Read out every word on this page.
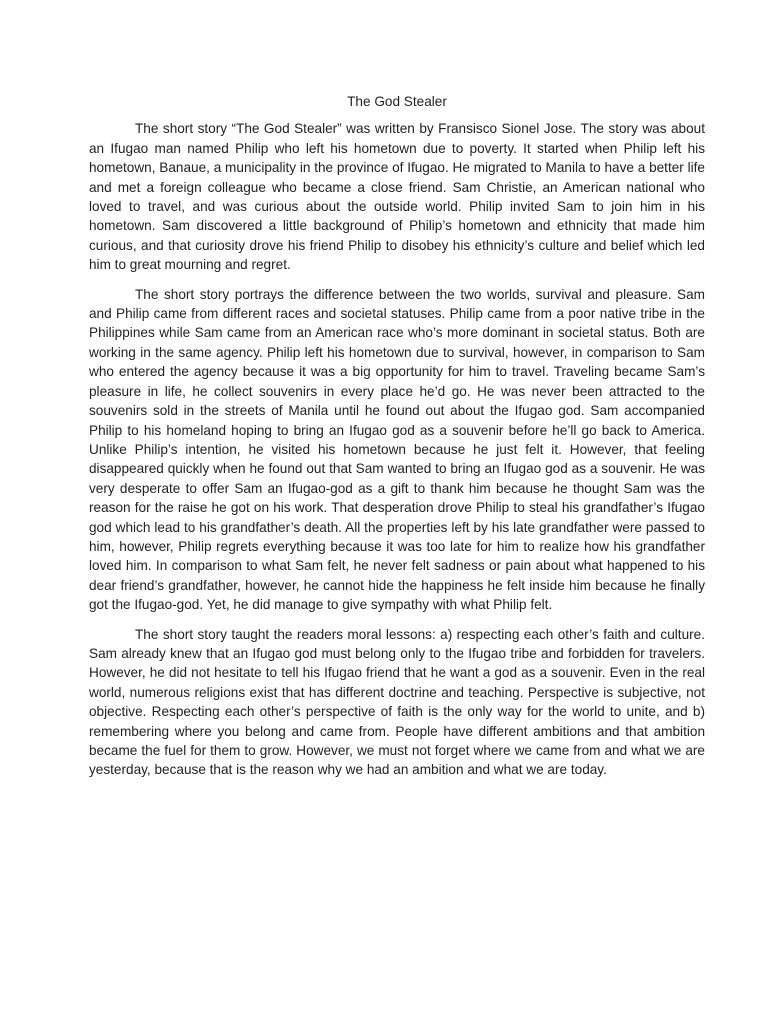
The God Stealer

The short story “The God Stealer” was written by Fransisco Sionel Jose. The story was about an Ifugao man named Philip who left his hometown due to poverty. It started when Philip left his hometown, Banaue, a municipality in the province of Ifugao. He migrated to Manila to have a better life and met a foreign colleague who became a close friend. Sam Christie, an American national who loved to travel, and was curious about the outside world. Philip invited Sam to join him in his hometown. Sam discovered a little background of Philip’s hometown and ethnicity that made him curious, and that curiosity drove his friend Philip to disobey his ethnicity’s culture and belief which led him to great mourning and regret.

The short story portrays the difference between the two worlds, survival and pleasure. Sam and Philip came from different races and societal statuses. Philip came from a poor native tribe in the Philippines while Sam came from an American race who’s more dominant in societal status. Both are working in the same agency. Philip left his hometown due to survival, however, in comparison to Sam who entered the agency because it was a big opportunity for him to travel. Traveling became Sam’s pleasure in life, he collect souvenirs in every place he’d go. He was never been attracted to the souvenirs sold in the streets of Manila until he found out about the Ifugao god. Sam accompanied Philip to his homeland hoping to bring an Ifugao god as a souvenir before he’ll go back to America. Unlike Philip’s intention, he visited his hometown because he just felt it. However, that feeling disappeared quickly when he found out that Sam wanted to bring an Ifugao god as a souvenir. He was very desperate to offer Sam an Ifugao-god as a gift to thank him because he thought Sam was the reason for the raise he got on his work. That desperation drove Philip to steal his grandfather’s Ifugao god which lead to his grandfather’s death. All the properties left by his late grandfather were passed to him, however, Philip regrets everything because it was too late for him to realize how his grandfather loved him. In comparison to what Sam felt, he never felt sadness or pain about what happened to his dear friend’s grandfather, however, he cannot hide the happiness he felt inside him because he finally got the Ifugao-god. Yet, he did manage to give sympathy with what Philip felt.

The short story taught the readers moral lessons: a) respecting each other’s faith and culture. Sam already knew that an Ifugao god must belong only to the Ifugao tribe and forbidden for travelers. However, he did not hesitate to tell his Ifugao friend that he want a god as a souvenir. Even in the real world, numerous religions exist that has different doctrine and teaching. Perspective is subjective, not objective. Respecting each other’s perspective of faith is the only way for the world to unite, and b) remembering where you belong and came from. People have different ambitions and that ambition became the fuel for them to grow. However, we must not forget where we came from and what we are yesterday, because that is the reason why we had an ambition and what we are today.
